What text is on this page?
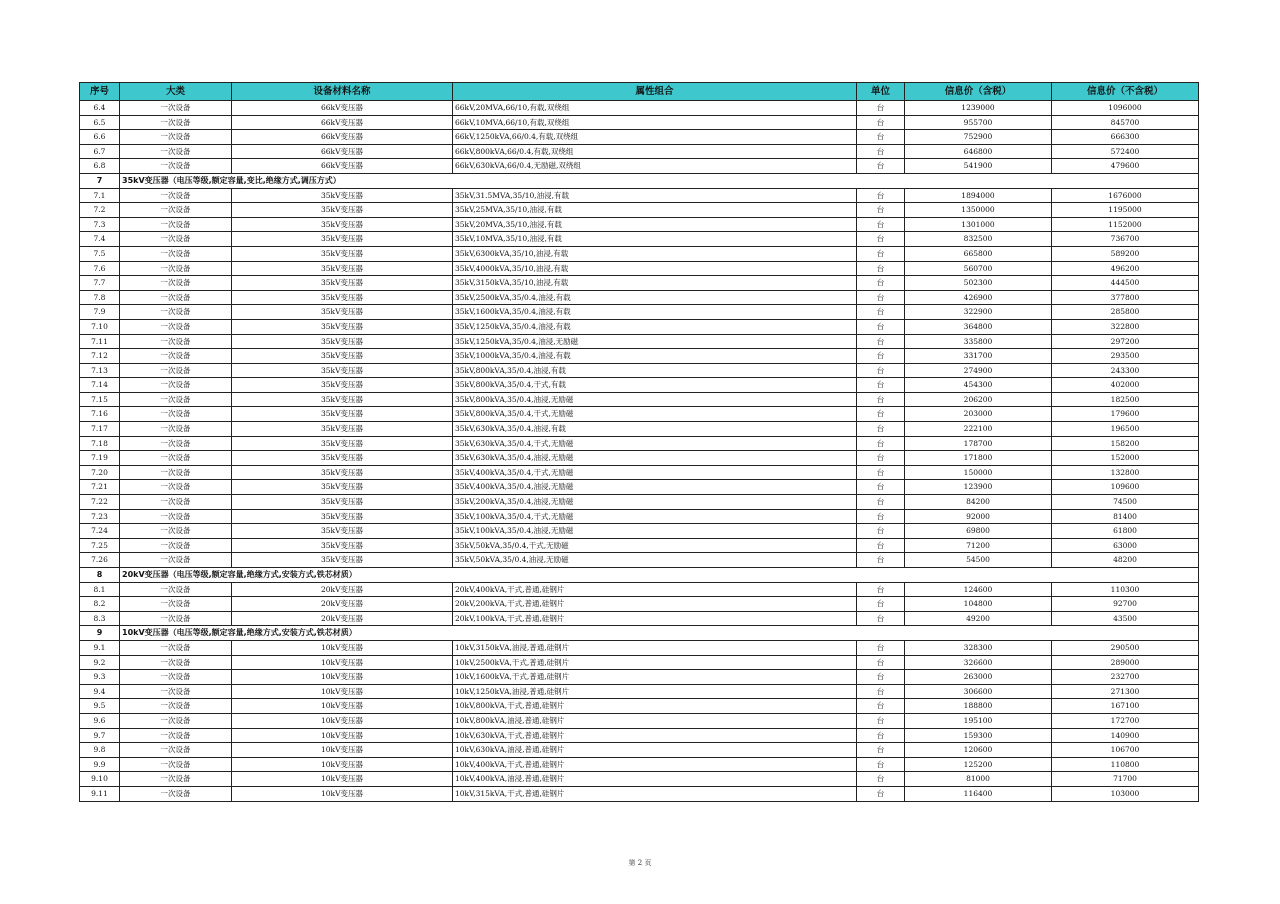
序号	大类	设备材料名称	属性组合	单位	信息价（含税）	信息价（不含税）
6.4	一次设备	66kV变压器	66kV,20MVA,66/10,有载,双绕组	台	1239000	1096000
6.5	一次设备	66kV变压器	66kV,10MVA,66/10,有载,双绕组	台	955700	845700
6.6	一次设备	66kV变压器	66kV,1250kVA,66/0.4,有载,双绕组	台	752900	666300
6.7	一次设备	66kV变压器	66kV,800kVA,66/0.4,有载,双绕组	台	646800	572400
6.8	一次设备	66kV变压器	66kV,630kVA,66/0.4,无励磁,双绕组	台	541900	479600
7	35kV变压器（电压等级,额定容量,变比,绝缘方式,调压方式）					
7.1	一次设备	35kV变压器	35kV,31.5MVA,35/10,油浸,有载	台	1894000	1676000
7.2	一次设备	35kV变压器	35kV,25MVA,35/10,油浸,有载	台	1350000	1195000
7.3	一次设备	35kV变压器	35kV,20MVA,35/10,油浸,有载	台	1301000	1152000
7.4	一次设备	35kV变压器	35kV,10MVA,35/10,油浸,有载	台	832500	736700
7.5	一次设备	35kV变压器	35kV,6300kVA,35/10,油浸,有载	台	665800	589200
7.6	一次设备	35kV变压器	35kV,4000kVA,35/10,油浸,有载	台	560700	496200
7.7	一次设备	35kV变压器	35kV,3150kVA,35/10,油浸,有载	台	502300	444500
7.8	一次设备	35kV变压器	35kV,2500kVA,35/0.4,油浸,有载	台	426900	377800
7.9	一次设备	35kV变压器	35kV,1600kVA,35/0.4,油浸,有载	台	322900	285800
7.10	一次设备	35kV变压器	35kV,1250kVA,35/0.4,油浸,有载	台	364800	322800
7.11	一次设备	35kV变压器	35kV,1250kVA,35/0.4,油浸,无励磁	台	335800	297200
7.12	一次设备	35kV变压器	35kV,1000kVA,35/0.4,油浸,有载	台	331700	293500
7.13	一次设备	35kV变压器	35kV,800kVA,35/0.4,油浸,有载	台	274900	243300
7.14	一次设备	35kV变压器	35kV,800kVA,35/0.4,干式,有载	台	454300	402000
7.15	一次设备	35kV变压器	35kV,800kVA,35/0.4,油浸,无励磁	台	206200	182500
7.16	一次设备	35kV变压器	35kV,800kVA,35/0.4,干式,无励磁	台	203000	179600
7.17	一次设备	35kV变压器	35kV,630kVA,35/0.4,油浸,有载	台	222100	196500
7.18	一次设备	35kV变压器	35kV,630kVA,35/0.4,干式,无励磁	台	178700	158200
7.19	一次设备	35kV变压器	35kV,630kVA,35/0.4,油浸,无励磁	台	171800	152000
7.20	一次设备	35kV变压器	35kV,400kVA,35/0.4,干式,无励磁	台	150000	132800
7.21	一次设备	35kV变压器	35kV,400kVA,35/0.4,油浸,无励磁	台	123900	109600
7.22	一次设备	35kV变压器	35kV,200kVA,35/0.4,油浸,无励磁	台	84200	74500
7.23	一次设备	35kV变压器	35kV,100kVA,35/0.4,干式,无励磁	台	92000	81400
7.24	一次设备	35kV变压器	35kV,100kVA,35/0.4,油浸,无励磁	台	69800	61800
7.25	一次设备	35kV变压器	35kV,50kVA,35/0.4,干式,无励磁	台	71200	63000
7.26	一次设备	35kV变压器	35kV,50kVA,35/0.4,油浸,无励磁	台	54500	48200
8	20kV变压器（电压等级,额定容量,绝缘方式,安装方式,铁芯材质）					
8.1	一次设备	20kV变压器	20kV,400kVA,干式,普通,硅钢片	台	124600	110300
8.2	一次设备	20kV变压器	20kV,200kVA,干式,普通,硅钢片	台	104800	92700
8.3	一次设备	20kV变压器	20kV,100kVA,干式,普通,硅钢片	台	49200	43500
9	10kV变压器（电压等级,额定容量,绝缘方式,安装方式,铁芯材质）					
9.1	一次设备	10kV变压器	10kV,3150kVA,油浸,普通,硅钢片	台	328300	290500
9.2	一次设备	10kV变压器	10kV,2500kVA,干式,普通,硅钢片	台	326600	289000
9.3	一次设备	10kV变压器	10kV,1600kVA,干式,普通,硅钢片	台	263000	232700
9.4	一次设备	10kV变压器	10kV,1250kVA,油浸,普通,硅钢片	台	306600	271300
9.5	一次设备	10kV变压器	10kV,800kVA,干式,普通,硅钢片	台	188800	167100
9.6	一次设备	10kV变压器	10kV,800kVA,油浸,普通,硅钢片	台	195100	172700
9.7	一次设备	10kV变压器	10kV,630kVA,干式,普通,硅钢片	台	159300	140900
9.8	一次设备	10kV变压器	10kV,630kVA,油浸,普通,硅钢片	台	120600	106700
9.9	一次设备	10kV变压器	10kV,400kVA,干式,普通,硅钢片	台	125200	110800
9.10	一次设备	10kV变压器	10kV,400kVA,油浸,普通,硅钢片	台	81000	71700
9.11	一次设备	10kV变压器	10kV,315kVA,干式,普通,硅钢片	台	116400	103000
第 2 页
